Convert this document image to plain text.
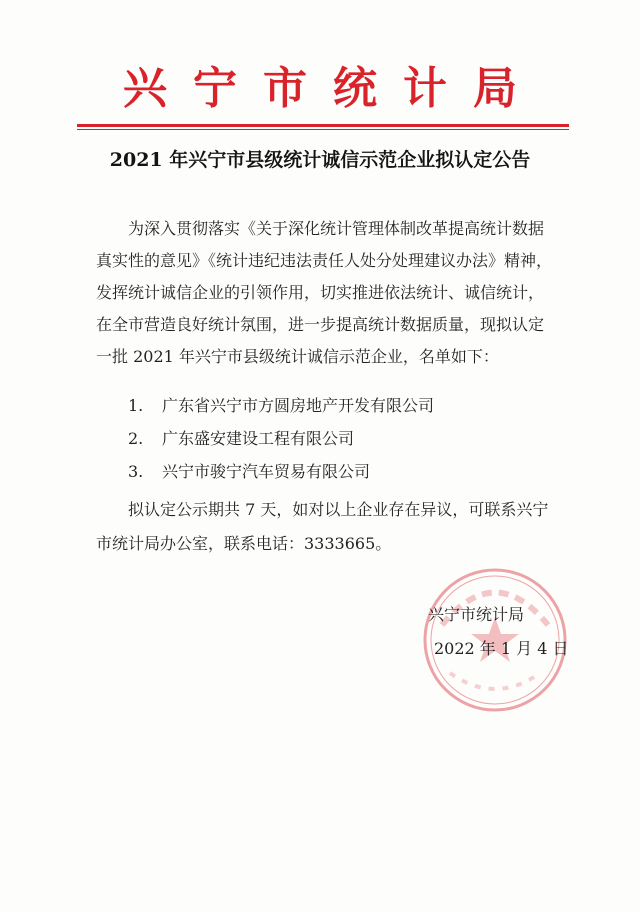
兴宁市统计局
2021 年兴宁市县级统计诚信示范企业拟认定公告
为深入贯彻落实《关于深化统计管理体制改革提高统计数据
真实性的意见》《统计违纪违法责任人处分处理建议办法》精神，
发挥统计诚信企业的引领作用，切实推进依法统计、诚信统计，
在全市营造良好统计氛围，进一步提高统计数据质量，现拟认定
一批 2021 年兴宁市县级统计诚信示范企业，名单如下：
1.	广东省兴宁市方圆房地产开发有限公司
2.	广东盛安建设工程有限公司
3.	兴宁市骏宁汽车贸易有限公司
拟认定公示期共 7 天，如对以上企业存在异议，可联系兴宁
市统计局办公室，联系电话：3333665。
兴宁市统计局
2022 年 1 月 4 日
